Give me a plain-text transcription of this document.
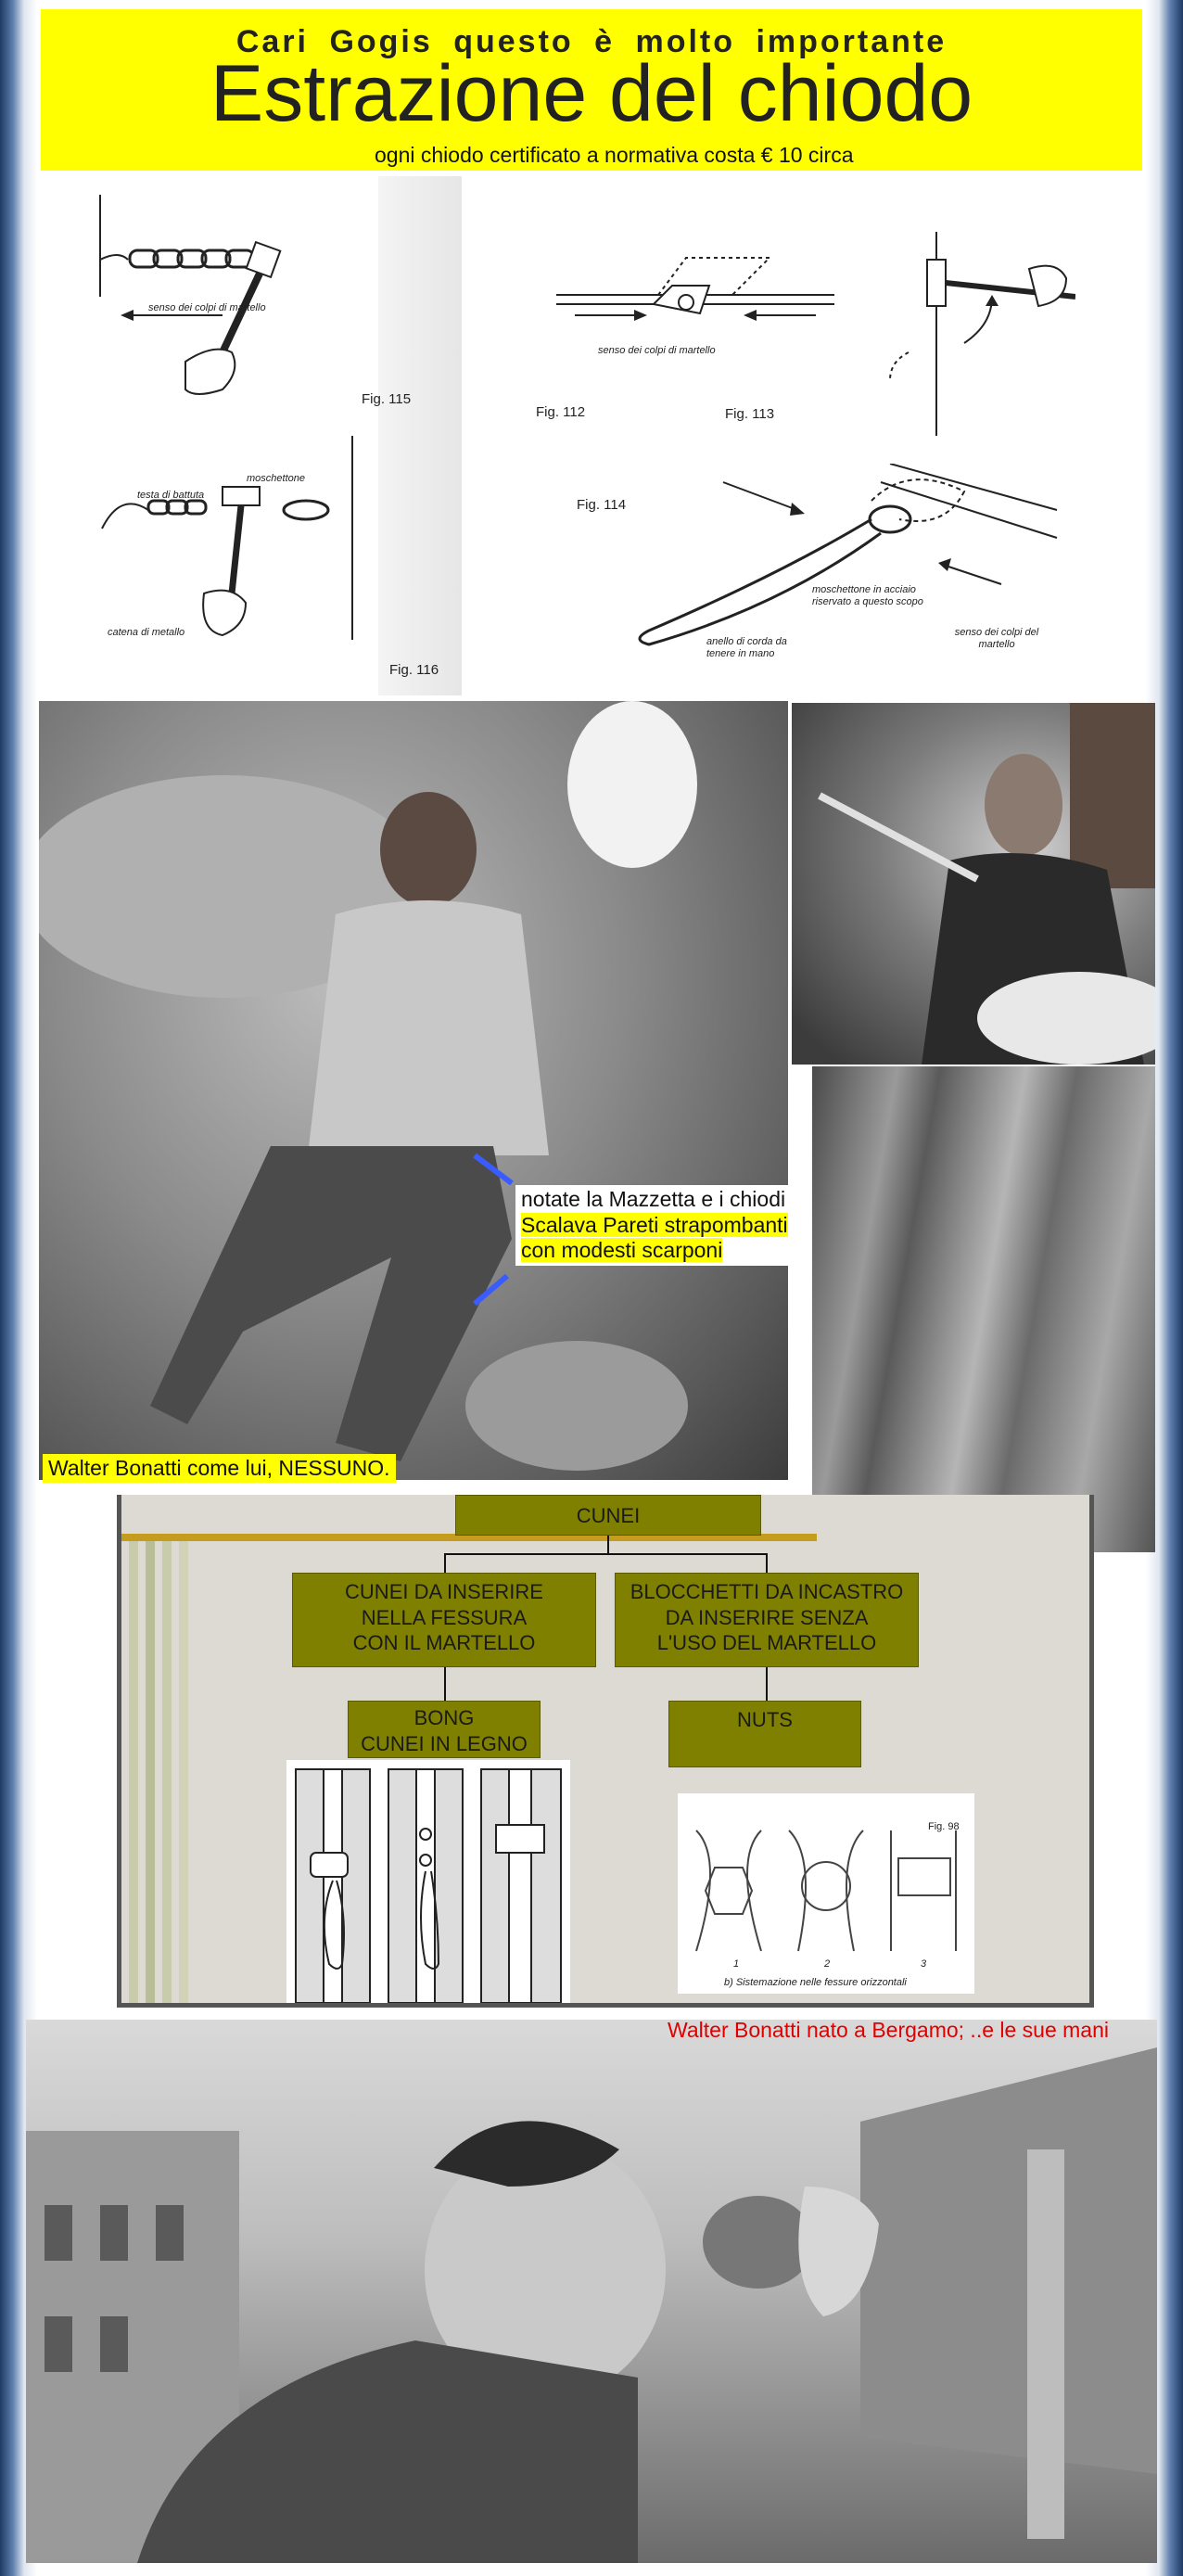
Cari Gogis questo è molto importante
Estrazione del chiodo
ogni chiodo certificato a normativa costa € 10 circa
senso dei colpi di martello
Fig. 115
moschettone
testa di battuta
catena di metallo
Fig. 116
senso dei colpi di martello
Fig. 112	Fig. 113
Fig. 114
moschettone in acciaio riservato a questo scopo
anello di corda da tenere in mano
senso dei colpi del martello
notate la Mazzetta e i chiodi
Scalava Pareti strapombanti
con modesti scarponi
Walter Bonatti come lui, NESSUNO.
CUNEI
CUNEI DA INSERIRE
NELLA FESSURA
CON IL MARTELLO
BLOCCHETTI DA INCASTRO
DA INSERIRE SENZA
L'USO DEL MARTELLO
BONG
CUNEI IN LEGNO
NUTS
Fig. 98
1	2	3
b) Sistemazione nelle fessure orizzontali
Walter Bonatti nato a Bergamo; ..e le sue mani
